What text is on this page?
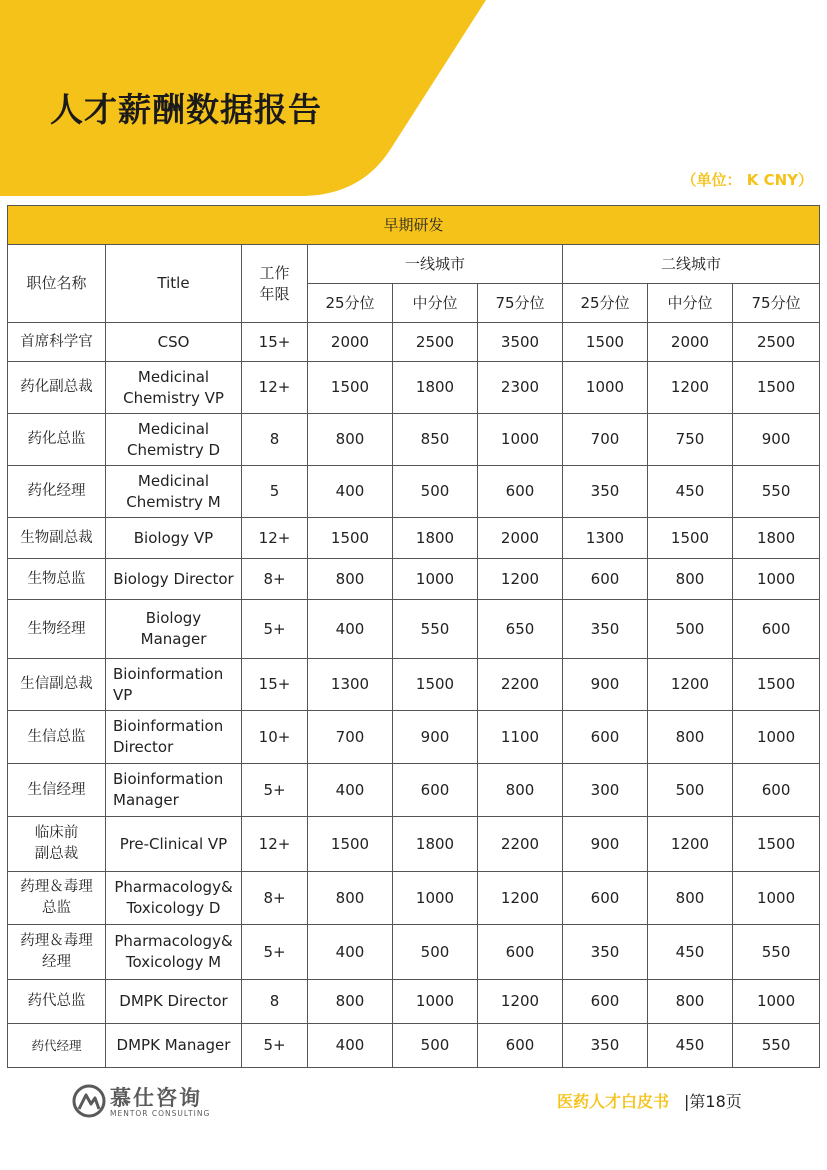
人才薪酬数据报告
（单位： K CNY）
早期研发								
职位名称	Title	工作
年限	一线城市			二线城市		
			25分位	中分位	75分位	25分位	中分位	75分位
首席科学官	CSO	15+	2000	2500	3500	1500	2000	2500
药化副总裁	Medicinal
Chemistry VP	12+	1500	1800	2300	1000	1200	1500
药化总监	Medicinal
Chemistry D	8	800	850	1000	700	750	900
药化经理	Medicinal
Chemistry M	5	400	500	600	350	450	550
生物副总裁	Biology VP	12+	1500	1800	2000	1300	1500	1800
生物总监	Biology Director	8+	800	1000	1200	600	800	1000
生物经理	Biology
Manager	5+	400	550	650	350	500	600
生信副总裁	Bioinformation
VP	15+	1300	1500	2200	900	1200	1500
生信总监	Bioinformation
Director	10+	700	900	1100	600	800	1000
生信经理	Bioinformation
Manager	5+	400	600	800	300	500	600
临床前
副总裁	Pre-Clinical VP	12+	1500	1800	2200	900	1200	1500
药理＆毒理
总监	Pharmacology&
Toxicology D	8+	800	1000	1200	600	800	1000
药理＆毒理
经理	Pharmacology&
Toxicology M	5+	400	500	600	350	450	550
药代总监	DMPK Director	8	800	1000	1200	600	800	1000
药代经理	DMPK Manager	5+	400	500	600	350	450	550
慕仕咨询
MENTOR CONSULTING
医药人才白皮书 |第18页
